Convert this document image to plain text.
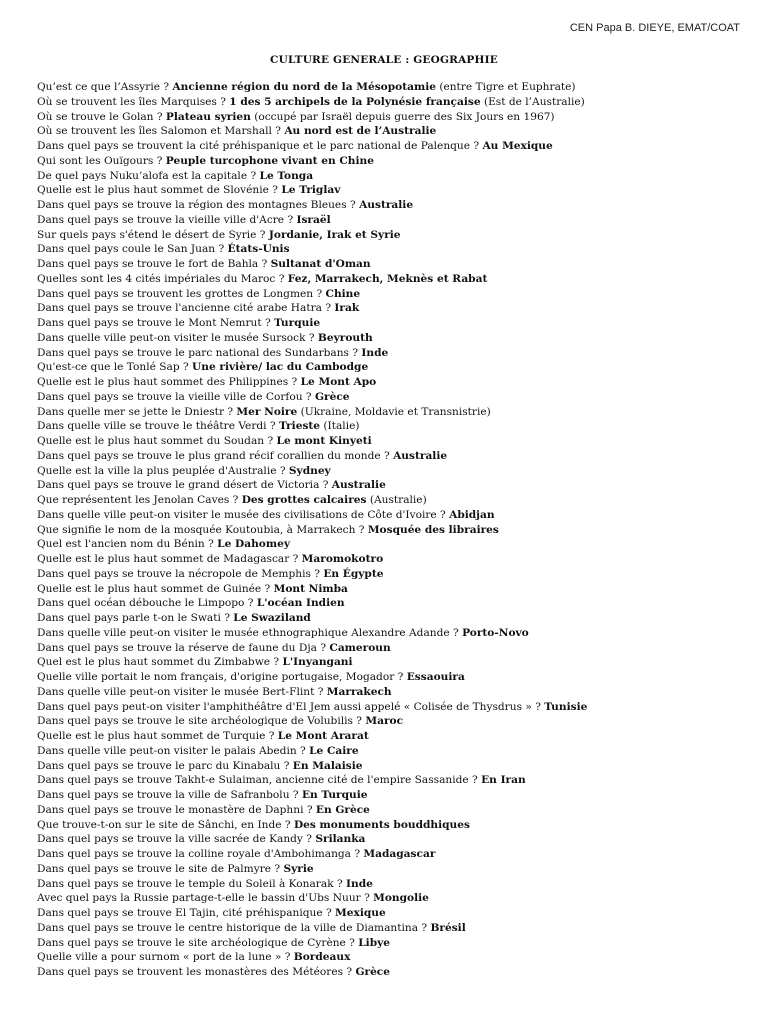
CEN Papa B. DIEYE, EMAT/COAT
CULTURE GENERALE : GEOGRAPHIE
Qu’est ce que l’Assyrie ? Ancienne région du nord de la Mésopotamie (entre Tigre et Euphrate)
Où se trouvent les îles Marquises ? 1 des 5 archipels de la Polynésie française (Est de l’Australie)
Où se trouve le Golan ? Plateau syrien (occupé par Israël depuis guerre des Six Jours en 1967)
Où se trouvent les îles Salomon et Marshall ? Au nord est de l’Australie
Dans quel pays se trouvent la cité préhispanique et le parc national de Palenque ? Au Mexique
Qui sont les Ouïgours ? Peuple turcophone vivant en Chine
De quel pays Nuku’alofa est la capitale ? Le Tonga
Quelle est le plus haut sommet de Slovénie ? Le Triglav
Dans quel pays se trouve la région des montagnes Bleues ? Australie
Dans quel pays se trouve la vieille ville d'Acre ? Israël
Sur quels pays s'étend le désert de Syrie ? Jordanie, Irak et Syrie
Dans quel pays coule le San Juan ? États-Unis
Dans quel pays se trouve le fort de Bahla ? Sultanat d'Oman
Quelles sont les 4 cités impériales du Maroc ? Fez, Marrakech, Meknès et Rabat
Dans quel pays se trouvent les grottes de Longmen ? Chine
Dans quel pays se trouve l'ancienne cité arabe Hatra ? Irak
Dans quel pays se trouve le Mont Nemrut ? Turquie
Dans quelle ville peut-on visiter le musée Sursock ? Beyrouth
Dans quel pays se trouve le parc national des Sundarbans ? Inde
Qu'est-ce que le Tonlé Sap ? Une rivière/ lac du Cambodge
Quelle est le plus haut sommet des Philippines ? Le Mont Apo
Dans quel pays se trouve la vieille ville de Corfou ? Grèce
Dans quelle mer se jette le Dniestr ? Mer Noire (Ukraine, Moldavie et Transnistrie)
Dans quelle ville se trouve le théâtre Verdi ? Trieste (Italie)
Quelle est le plus haut sommet du Soudan ? Le mont Kinyeti
Dans quel pays se trouve le plus grand récif corallien du monde ? Australie
Quelle est la ville la plus peuplée d'Australie ? Sydney
Dans quel pays se trouve le grand désert de Victoria ? Australie
Que représentent les Jenolan Caves ? Des grottes calcaires (Australie)
Dans quelle ville peut-on visiter le musée des civilisations de Côte d'Ivoire ? Abidjan
Que signifie le nom de la mosquée Koutoubia, à Marrakech ? Mosquée des libraires
Quel est l'ancien nom du Bénin ? Le Dahomey
Quelle est le plus haut sommet de Madagascar ? Maromokotro
Dans quel pays se trouve la nécropole de Memphis ? En Égypte
Quelle est le plus haut sommet de Guinée ? Mont Nimba
Dans quel océan débouche le Limpopo ? L'océan Indien
Dans quel pays parle t-on le Swati ? Le Swaziland
Dans quelle ville peut-on visiter le musée ethnographique Alexandre Adande ? Porto-Novo
Dans quel pays se trouve la réserve de faune du Dja ? Cameroun
Quel est le plus haut sommet du Zimbabwe ? L'Inyangani
Quelle ville portait le nom français, d'origine portugaise, Mogador ? Essaouira
Dans quelle ville peut-on visiter le musée Bert-Flint ? Marrakech
Dans quel pays peut-on visiter l'amphithéâtre d'El Jem aussi appelé « Colisée de Thysdrus » ? Tunisie
Dans quel pays se trouve le site archéologique de Volubilis ? Maroc
Quelle est le plus haut sommet de Turquie ? Le Mont Ararat
Dans quelle ville peut-on visiter le palais Abedin ? Le Caire
Dans quel pays se trouve le parc du Kinabalu ? En Malaisie
Dans quel pays se trouve Takht-e Sulaiman, ancienne cité de l'empire Sassanide ? En Iran
Dans quel pays se trouve la ville de Safranbolu ? En Turquie
Dans quel pays se trouve le monastère de Daphni ? En Grèce
Que trouve-t-on sur le site de Sânchi, en Inde ? Des monuments bouddhiques
Dans quel pays se trouve la ville sacrée de Kandy ? Srilanka
Dans quel pays se trouve la colline royale d'Ambohimanga ? Madagascar
Dans quel pays se trouve le site de Palmyre ? Syrie
Dans quel pays se trouve le temple du Soleil à Konarak ? Inde
Avec quel pays la Russie partage-t-elle le bassin d'Ubs Nuur ? Mongolie
Dans quel pays se trouve El Tajin, cité préhispanique ? Mexique
Dans quel pays se trouve le centre historique de la ville de Diamantina ? Brésil
Dans quel pays se trouve le site archéologique de Cyrène ? Libye
Quelle ville a pour surnom « port de la lune » ? Bordeaux
Dans quel pays se trouvent les monastères des Météores ? Grèce
